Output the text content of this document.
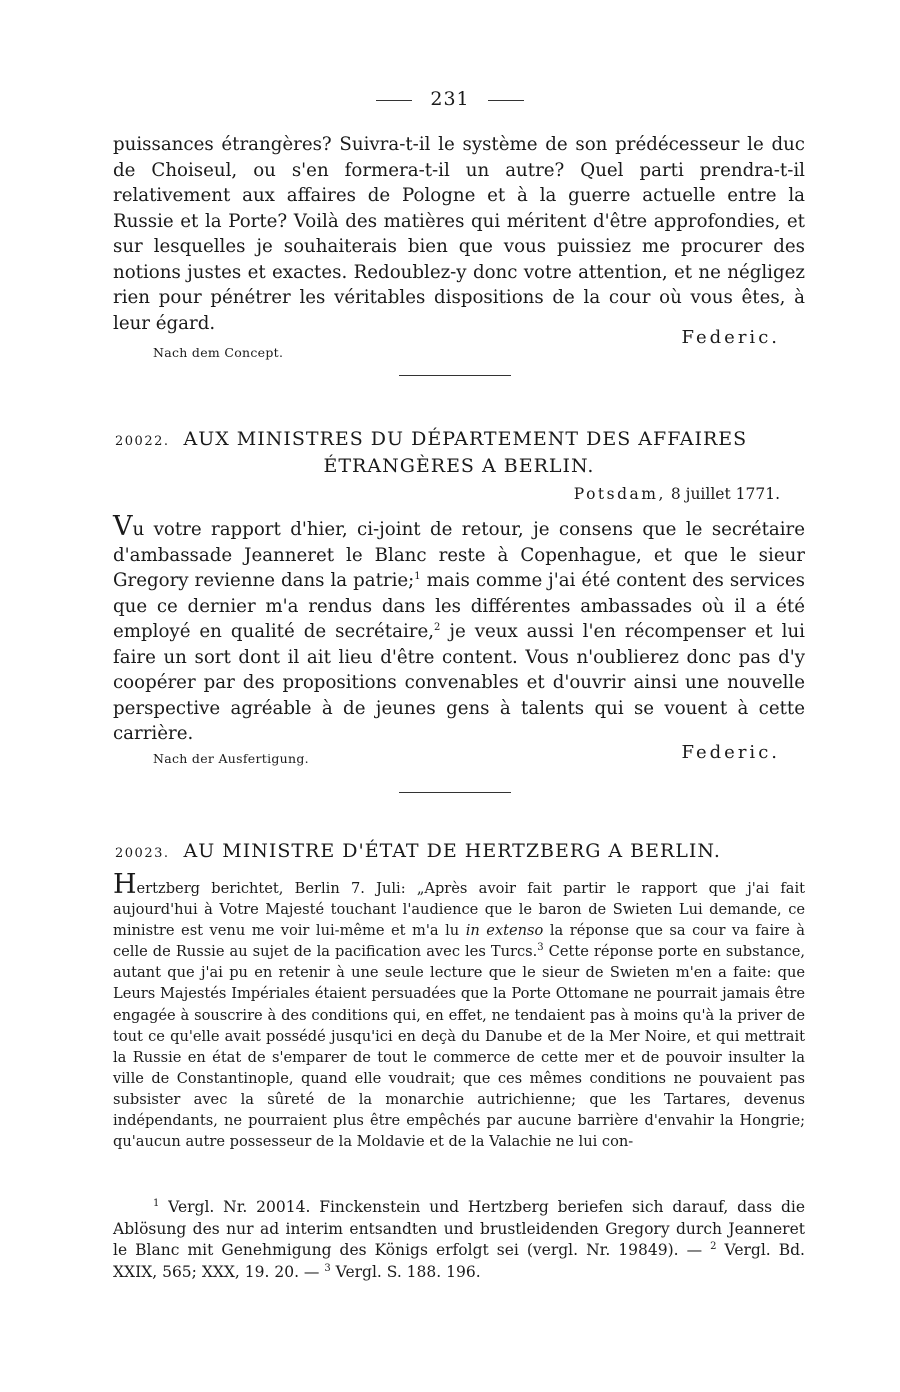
231
puissances étrangères? Suivra-t-il le système de son prédécesseur le duc de Choiseul, ou s'en formera-t-il un autre? Quel parti prendra-t-il relativement aux affaires de Pologne et à la guerre actuelle entre la Russie et la Porte? Voilà des matières qui méritent d'être approfondies, et sur lesquelles je souhaiterais bien que vous puissiez me procurer des notions justes et exactes. Redoublez-y donc votre attention, et ne négligez rien pour pénétrer les véritables dispositions de la cour où vous êtes, à leur égard.
Federic.
Nach dem Concept.
20022. AUX MINISTRES DU DÉPARTEMENT DES AFFAIRES
ÉTRANGÈRES A BERLIN.
Potsdam, 8 juillet 1771.
Vu votre rapport d'hier, ci-joint de retour, je consens que le secrétaire d'ambassade Jeanneret le Blanc reste à Copenhague, et que le sieur Gregory revienne dans la patrie;$^1$ mais comme j'ai été content des services que ce dernier m'a rendus dans les différentes ambassades où il a été employé en qualité de secrétaire,$^2$ je veux aussi l'en récompenser et lui faire un sort dont il ait lieu d'être content. Vous n'oublierez donc pas d'y coopérer par des propositions convenables et d'ouvrir ainsi une nouvelle perspective agréable à de jeunes gens à talents qui se vouent à cette carrière.
Federic.
Nach der Ausfertigung.
20023. AU MINISTRE D'ÉTAT DE HERTZBERG A BERLIN.
Hertzberg berichtet, Berlin 7. Juli: „Après avoir fait partir le rapport que j'ai fait aujourd'hui à Votre Majesté touchant l'audience que le baron de Swieten Lui demande, ce ministre est venu me voir lui-même et m'a lu in extenso la réponse que sa cour va faire à celle de Russie au sujet de la pacification avec les Turcs.$^3$ Cette réponse porte en substance, autant que j'ai pu en retenir à une seule lecture que le sieur de Swieten m'en a faite: que Leurs Majestés Impériales étaient persuadées que la Porte Ottomane ne pourrait jamais être engagée à souscrire à des conditions qui, en effet, ne tendaient pas à moins qu'à la priver de tout ce qu'elle avait possédé jusqu'ici en deçà du Danube et de la Mer Noire, et qui mettrait la Russie en état de s'emparer de tout le commerce de cette mer et de pouvoir insulter la ville de Constantinople, quand elle voudrait; que ces mêmes conditions ne pouvaient pas subsister avec la sûreté de la monarchie autrichienne; que les Tartares, devenus indépendants, ne pourraient plus être empêchés par aucune barrière d'envahir la Hongrie; qu'aucun autre possesseur de la Moldavie et de la Valachie ne lui con-
$^1$ Vergl. Nr. 20014. Finckenstein und Hertzberg beriefen sich darauf, dass die Ablösung des nur ad interim entsandten und brustleidenden Gregory durch Jeanneret le Blanc mit Genehmigung des Königs erfolgt sei (vergl. Nr. 19849). — $^2$ Vergl. Bd. XXIX, 565; XXX, 19. 20. — $^3$ Vergl. S. 188. 196.
